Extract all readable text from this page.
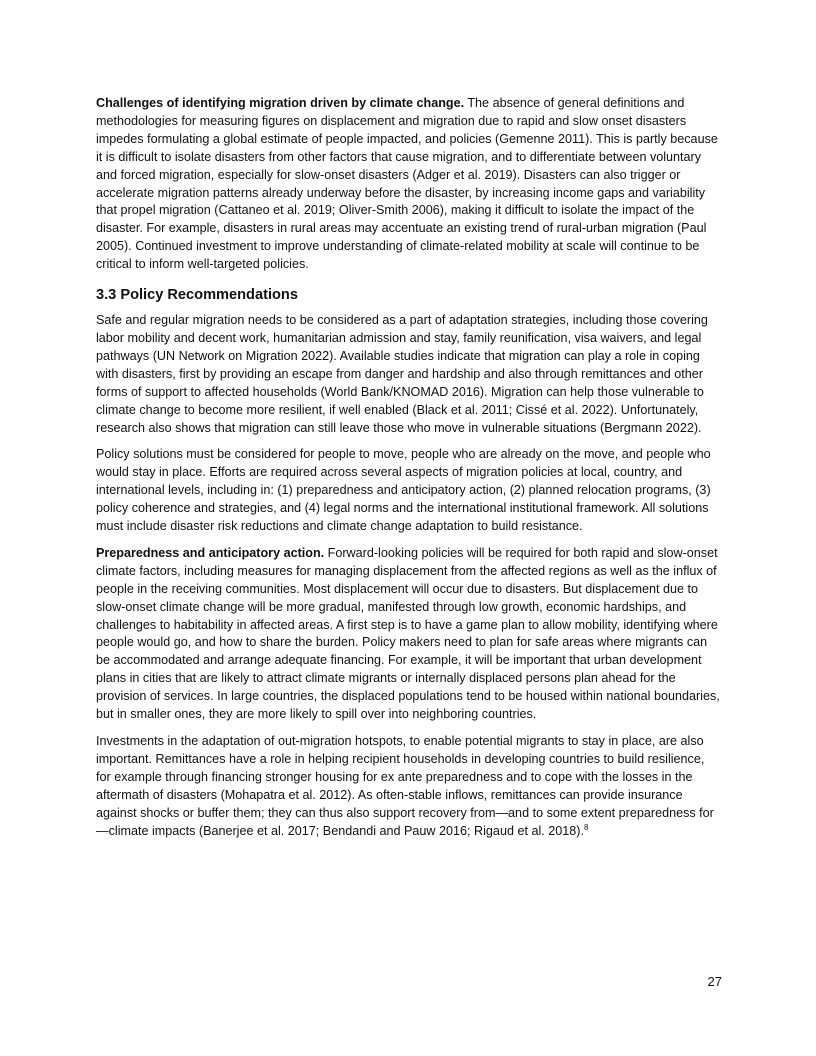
Challenges of identifying migration driven by climate change. The absence of general definitions and methodologies for measuring figures on displacement and migration due to rapid and slow onset disasters impedes formulating a global estimate of people impacted, and policies (Gemenne 2011). This is partly because it is difficult to isolate disasters from other factors that cause migration, and to differentiate between voluntary and forced migration, especially for slow-onset disasters (Adger et al. 2019). Disasters can also trigger or accelerate migration patterns already underway before the disaster, by increasing income gaps and variability that propel migration (Cattaneo et al. 2019; Oliver-Smith 2006), making it difficult to isolate the impact of the disaster. For example, disasters in rural areas may accentuate an existing trend of rural-urban migration (Paul 2005). Continued investment to improve understanding of climate-related mobility at scale will continue to be critical to inform well-targeted policies.

3.3 Policy Recommendations

Safe and regular migration needs to be considered as a part of adaptation strategies, including those covering labor mobility and decent work, humanitarian admission and stay, family reunification, visa waivers, and legal pathways (UN Network on Migration 2022). Available studies indicate that migration can play a role in coping with disasters, first by providing an escape from danger and hardship and also through remittances and other forms of support to affected households (World Bank/KNOMAD 2016). Migration can help those vulnerable to climate change to become more resilient, if well enabled (Black et al. 2011; Cissé et al. 2022). Unfortunately, research also shows that migration can still leave those who move in vulnerable situations (Bergmann 2022).

Policy solutions must be considered for people to move, people who are already on the move, and people who would stay in place. Efforts are required across several aspects of migration policies at local, country, and international levels, including in: (1) preparedness and anticipatory action, (2) planned relocation programs, (3) policy coherence and strategies, and (4) legal norms and the international institutional framework. All solutions must include disaster risk reductions and climate change adaptation to build resistance.

Preparedness and anticipatory action. Forward-looking policies will be required for both rapid and slow-onset climate factors, including measures for managing displacement from the affected regions as well as the influx of people in the receiving communities. Most displacement will occur due to disasters. But displacement due to slow-onset climate change will be more gradual, manifested through low growth, economic hardships, and challenges to habitability in affected areas. A first step is to have a game plan to allow mobility, identifying where people would go, and how to share the burden. Policy makers need to plan for safe areas where migrants can be accommodated and arrange adequate financing. For example, it will be important that urban development plans in cities that are likely to attract climate migrants or internally displaced persons plan ahead for the provision of services. In large countries, the displaced populations tend to be housed within national boundaries, but in smaller ones, they are more likely to spill over into neighboring countries.

Investments in the adaptation of out-migration hotspots, to enable potential migrants to stay in place, are also important. Remittances have a role in helping recipient households in developing countries to build resilience, for example through financing stronger housing for ex ante preparedness and to cope with the losses in the aftermath of disasters (Mohapatra et al. 2012). As often-stable inflows, remittances can provide insurance against shocks or buffer them; they can thus also support recovery from—and to some extent preparedness for—climate impacts (Banerjee et al. 2017; Bendandi and Pauw 2016; Rigaud et al. 2018).$^8$

27
